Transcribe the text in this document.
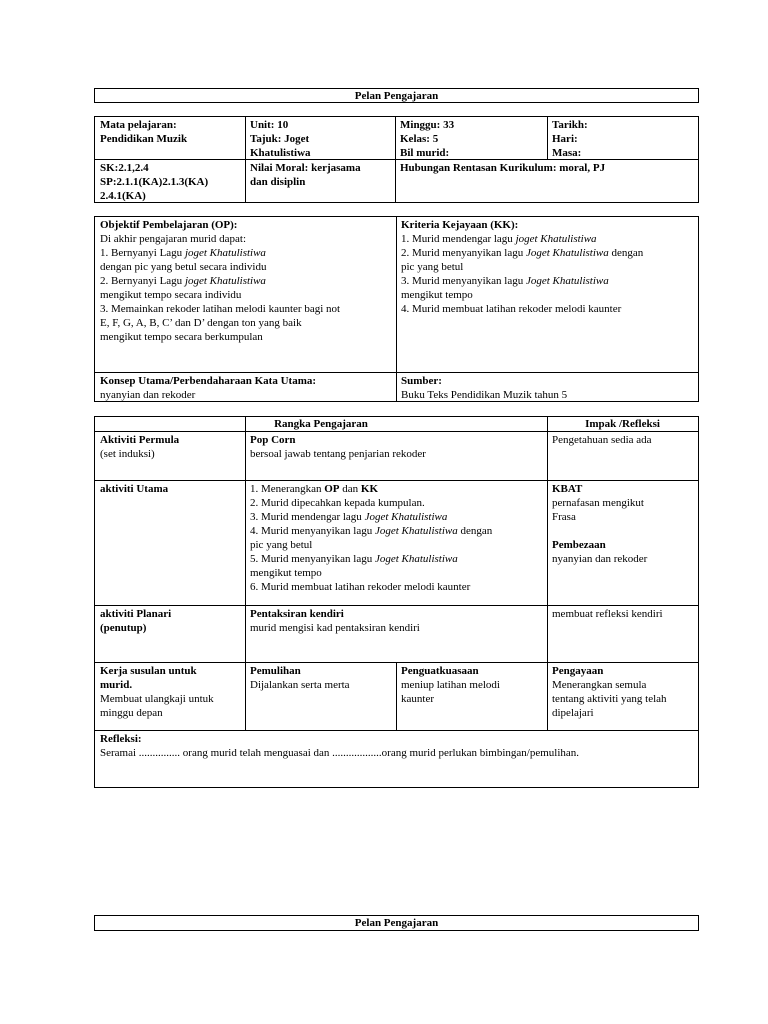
Pelan Pengajaran
Mata pelajaran:
Pendidikan Muzik
Unit: 10
Tajuk: Joget
Khatulistiwa
Minggu: 33
Kelas: 5
Bil murid:
Tarikh:
Hari:
Masa:
SK:2.1,2.4
SP:2.1.1(KA)2.1.3(KA)
2.4.1(KA)
Nilai Moral: kerjasama
dan disiplin
Hubungan Rentasan Kurikulum: moral, PJ
Objektif Pembelajaran (OP):
Di akhir pengajaran murid dapat:
1. Bernyanyi Lagu joget Khatulistiwa
dengan pic yang betul secara individu
2. Bernyanyi Lagu joget Khatulistiwa
mengikut tempo secara individu
3. Memainkan rekoder latihan melodi kaunter bagi not
E, F, G, A, B, C’ dan D’ dengan ton yang baik
mengikut tempo secara berkumpulan
Kriteria Kejayaan (KK):
1. Murid mendengar lagu joget Khatulistiwa
2. Murid menyanyikan lagu Joget Khatulistiwa dengan
pic yang betul
3. Murid menyanyikan lagu Joget Khatulistiwa
mengikut tempo
4. Murid membuat latihan rekoder melodi kaunter
Konsep Utama/Perbendaharaan Kata Utama:
nyanyian dan rekoder
Sumber:
Buku Teks Pendidikan Muzik tahun 5
Rangka Pengajaran	Impak /Refleksi
Aktiviti Permula
(set induksi)
Pop Corn
bersoal jawab tentang penjarian rekoder
Pengetahuan sedia ada
aktiviti Utama	1. Menerangkan OP dan KK
2. Murid dipecahkan kepada kumpulan.
3. Murid mendengar lagu Joget Khatulistiwa
4. Murid menyanyikan lagu Joget Khatulistiwa dengan
pic yang betul
5. Murid menyanyikan lagu Joget Khatulistiwa
mengikut tempo
6. Murid membuat latihan rekoder melodi kaunter
KBAT
pernafasan mengikut
Frasa
Pembezaan
nyanyian dan rekoder
aktiviti Planari
(penutup)
Pentaksiran kendiri
murid mengisi kad pentaksiran kendiri
membuat refleksi kendiri
Kerja susulan untuk
murid.
Membuat ulangkaji untuk
minggu depan
Pemulihan
Dijalankan serta merta
Penguatkuasaan
meniup latihan melodi
kaunter
Pengayaan
Menerangkan semula
tentang aktiviti yang telah
dipelajari
Refleksi:
Seramai ............... orang murid telah menguasai dan ..................orang murid perlukan bimbingan/pemulihan.
Pelan Pengajaran
